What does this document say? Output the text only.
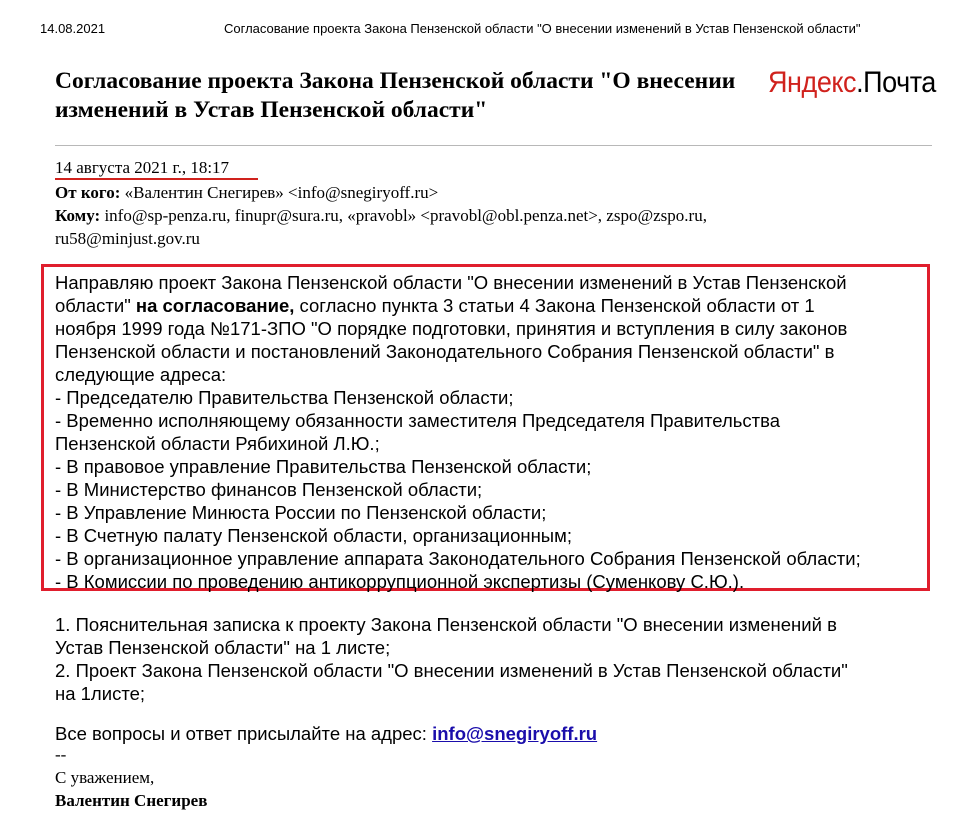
14.08.2021	Согласование проекта Закона Пензенской области "О внесении изменений в Устав Пензенской области"
Согласование проекта Закона Пензенской области "О внесении
изменений в Устав Пензенской области"
Яндекс.Почта
14 августа 2021 г., 18:17
От кого: «Валентин Снегирев» <info@snegiryoff.ru>
Кому: info@sp-penza.ru, finupr@sura.ru, «pravobl» <pravobl@obl.penza.net>, zspo@zspo.ru,
ru58@minjust.gov.ru
Направляю проект Закона Пензенской области "О внесении изменений в Устав Пензенской
области" на согласование, согласно пункта 3 статьи 4 Закона Пензенской области от 1
ноября 1999 года №171-ЗПО "О порядке подготовки, принятия и вступления в силу законов
Пензенской области и постановлений Законодательного Собрания Пензенской области" в
следующие адреса:
- Председателю Правительства Пензенской области;
- Временно исполняющему обязанности заместителя Председателя Правительства
Пензенской области Рябихиной Л.Ю.;
- В правовое управление Правительства Пензенской области;
- В Министерство финансов Пензенской области;
- В Управление Минюста России по Пензенской области;
- В Счетную палату Пензенской области, организационным;
- В организационное управление аппарата Законодательного Собрания Пензенской области;
- В Комиссии по проведению антикоррупционной экспертизы (Суменкову С.Ю.).
1. Пояснительная записка к проекту Закона Пензенской области "О внесении изменений в
Устав Пензенской области" на 1 листе;
2. Проект Закона Пензенской области "О внесении изменений в Устав Пензенской области"
на 1листе;
Все вопросы и ответ присылайте на адрес: info@snegiryoff.ru
--
С уважением,
Валентин Снегирев
